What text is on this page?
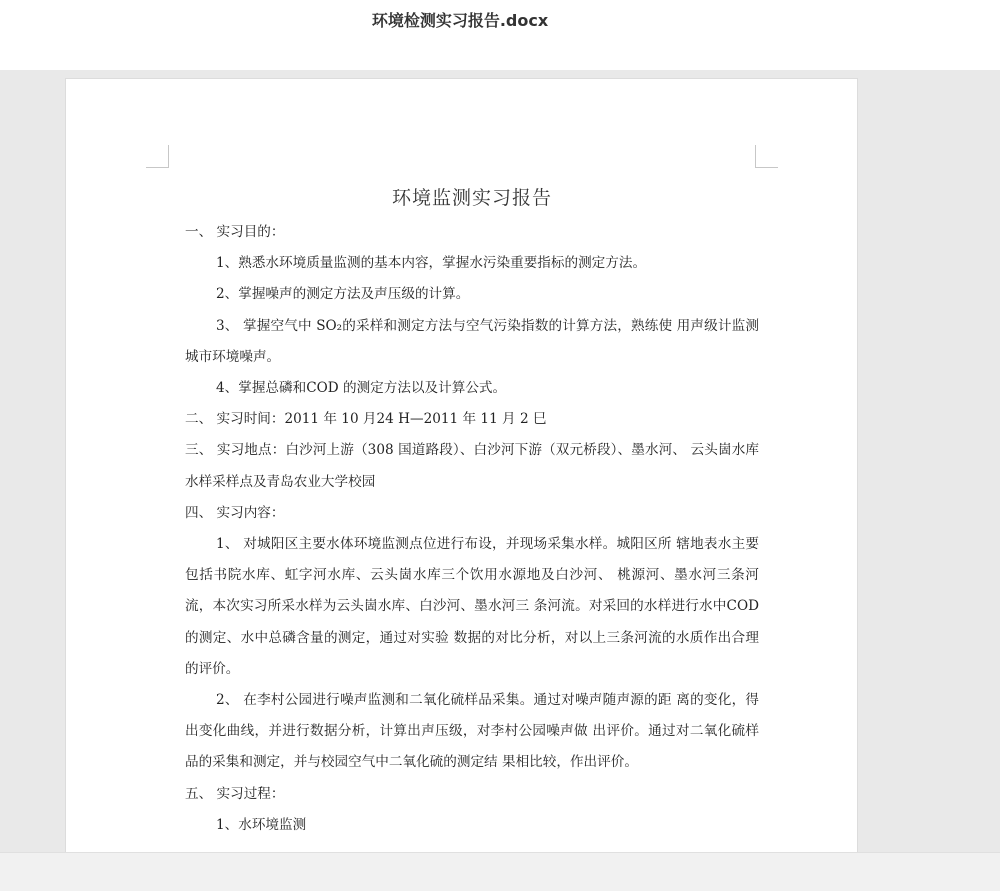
环境检测实习报告.docx
环境监测实习报告

一、 实习目的：

1、熟悉水环境质量监测的基本内容，掌握水污染重要指标的测定方法。

2、掌握噪声的测定方法及声压级的计算。

3、 掌握空气中 SO₂的采样和测定方法与空气污染指数的计算方法，熟练使 用声级计监测城市环境噪声。

4、掌握总磷和COD 的测定方法以及计算公式。

二、 实习时间：2011 年 10 月24 H—2011 年 11 月 2 巳

三、 实习地点：白沙河上游（308 国道路段）、白沙河下游（双元桥段）、墨水河、 云头崮水库水样采样点及青岛农业大学校园

四、 实习内容：

1、 对城阳区主要水体环境监测点位进行布设，并现场采集水样。城阳区所 辖地表水主要包括书院水库、虹字河水库、云头崮水库三个饮用水源地及白沙河、 桃源河、墨水河三条河流，本次实习所采水样为云头崮水库、白沙河、墨水河三 条河流。对采回的水样进行水中COD 的测定、水中总磷含量的测定，通过对实验 数据的对比分析，对以上三条河流的水质作出合理的评价。

2、 在李村公园进行噪声监测和二氧化硫样品采集。通过对噪声随声源的距 离的变化，得出变化曲线，并进行数据分析，计算出声压级，对李村公园噪声做 出评价。通过对二氧化硫样品的采集和测定，并与校园空气中二氧化硫的测定结 果相比较，作出评价。

五、 实习过程：

1、水环境监测
